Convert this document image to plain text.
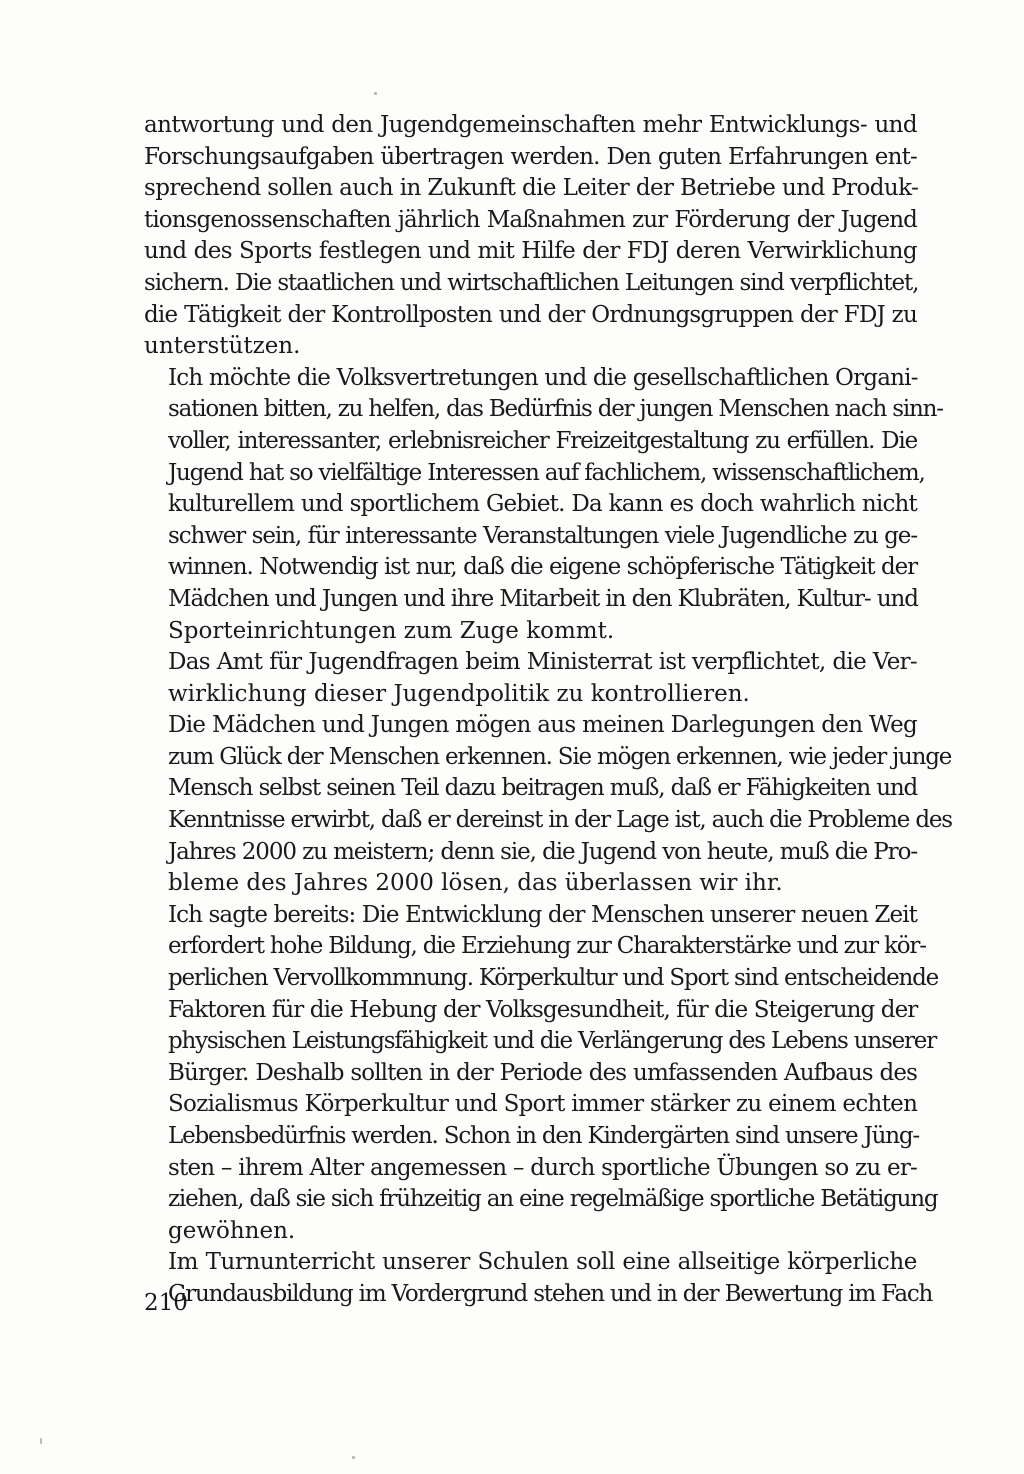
antwortung und den Jugendgemeinschaften mehr Entwicklungs- und
Forschungsaufgaben übertragen werden. Den guten Erfahrungen ent-
sprechend sollen auch in Zukunft die Leiter der Betriebe und Produk-
tionsgenossenschaften jährlich Maßnahmen zur Förderung der Jugend
und des Sports festlegen und mit Hilfe der FDJ deren Verwirklichung
sichern. Die staatlichen und wirtschaftlichen Leitungen sind verpflichtet,
die Tätigkeit der Kontrollposten und der Ordnungsgruppen der FDJ zu
unterstützen.

Ich möchte die Volksvertretungen und die gesellschaftlichen Organi-
sationen bitten, zu helfen, das Bedürfnis der jungen Menschen nach sinn-
voller, interessanter, erlebnisreicher Freizeitgestaltung zu erfüllen. Die
Jugend hat so vielfältige Interessen auf fachlichem, wissenschaftlichem,
kulturellem und sportlichem Gebiet. Da kann es doch wahrlich nicht
schwer sein, für interessante Veranstaltungen viele Jugendliche zu ge-
winnen. Notwendig ist nur, daß die eigene schöpferische Tätigkeit der
Mädchen und Jungen und ihre Mitarbeit in den Klubräten, Kultur- und
Sporteinrichtungen zum Zuge kommt.

Das Amt für Jugendfragen beim Ministerrat ist verpflichtet, die Ver-
wirklichung dieser Jugendpolitik zu kontrollieren.

Die Mädchen und Jungen mögen aus meinen Darlegungen den Weg
zum Glück der Menschen erkennen. Sie mögen erkennen, wie jeder junge
Mensch selbst seinen Teil dazu beitragen muß, daß er Fähigkeiten und
Kenntnisse erwirbt, daß er dereinst in der Lage ist, auch die Probleme des
Jahres 2000 zu meistern; denn sie, die Jugend von heute, muß die Pro-
bleme des Jahres 2000 lösen, das überlassen wir ihr.

Ich sagte bereits: Die Entwicklung der Menschen unserer neuen Zeit
erfordert hohe Bildung, die Erziehung zur Charakterstärke und zur kör-
perlichen Vervollkommnung. Körperkultur und Sport sind entscheidende
Faktoren für die Hebung der Volksgesundheit, für die Steigerung der
physischen Leistungsfähigkeit und die Verlängerung des Lebens unserer
Bürger. Deshalb sollten in der Periode des umfassenden Aufbaus des
Sozialismus Körperkultur und Sport immer stärker zu einem echten
Lebensbedürfnis werden. Schon in den Kindergärten sind unsere Jüng-
sten – ihrem Alter angemessen – durch sportliche Übungen so zu er-
ziehen, daß sie sich frühzeitig an eine regelmäßige sportliche Betätigung
gewöhnen.

Im Turnunterricht unserer Schulen soll eine allseitige körperliche
Grundausbildung im Vordergrund stehen und in der Bewertung im Fach

210
